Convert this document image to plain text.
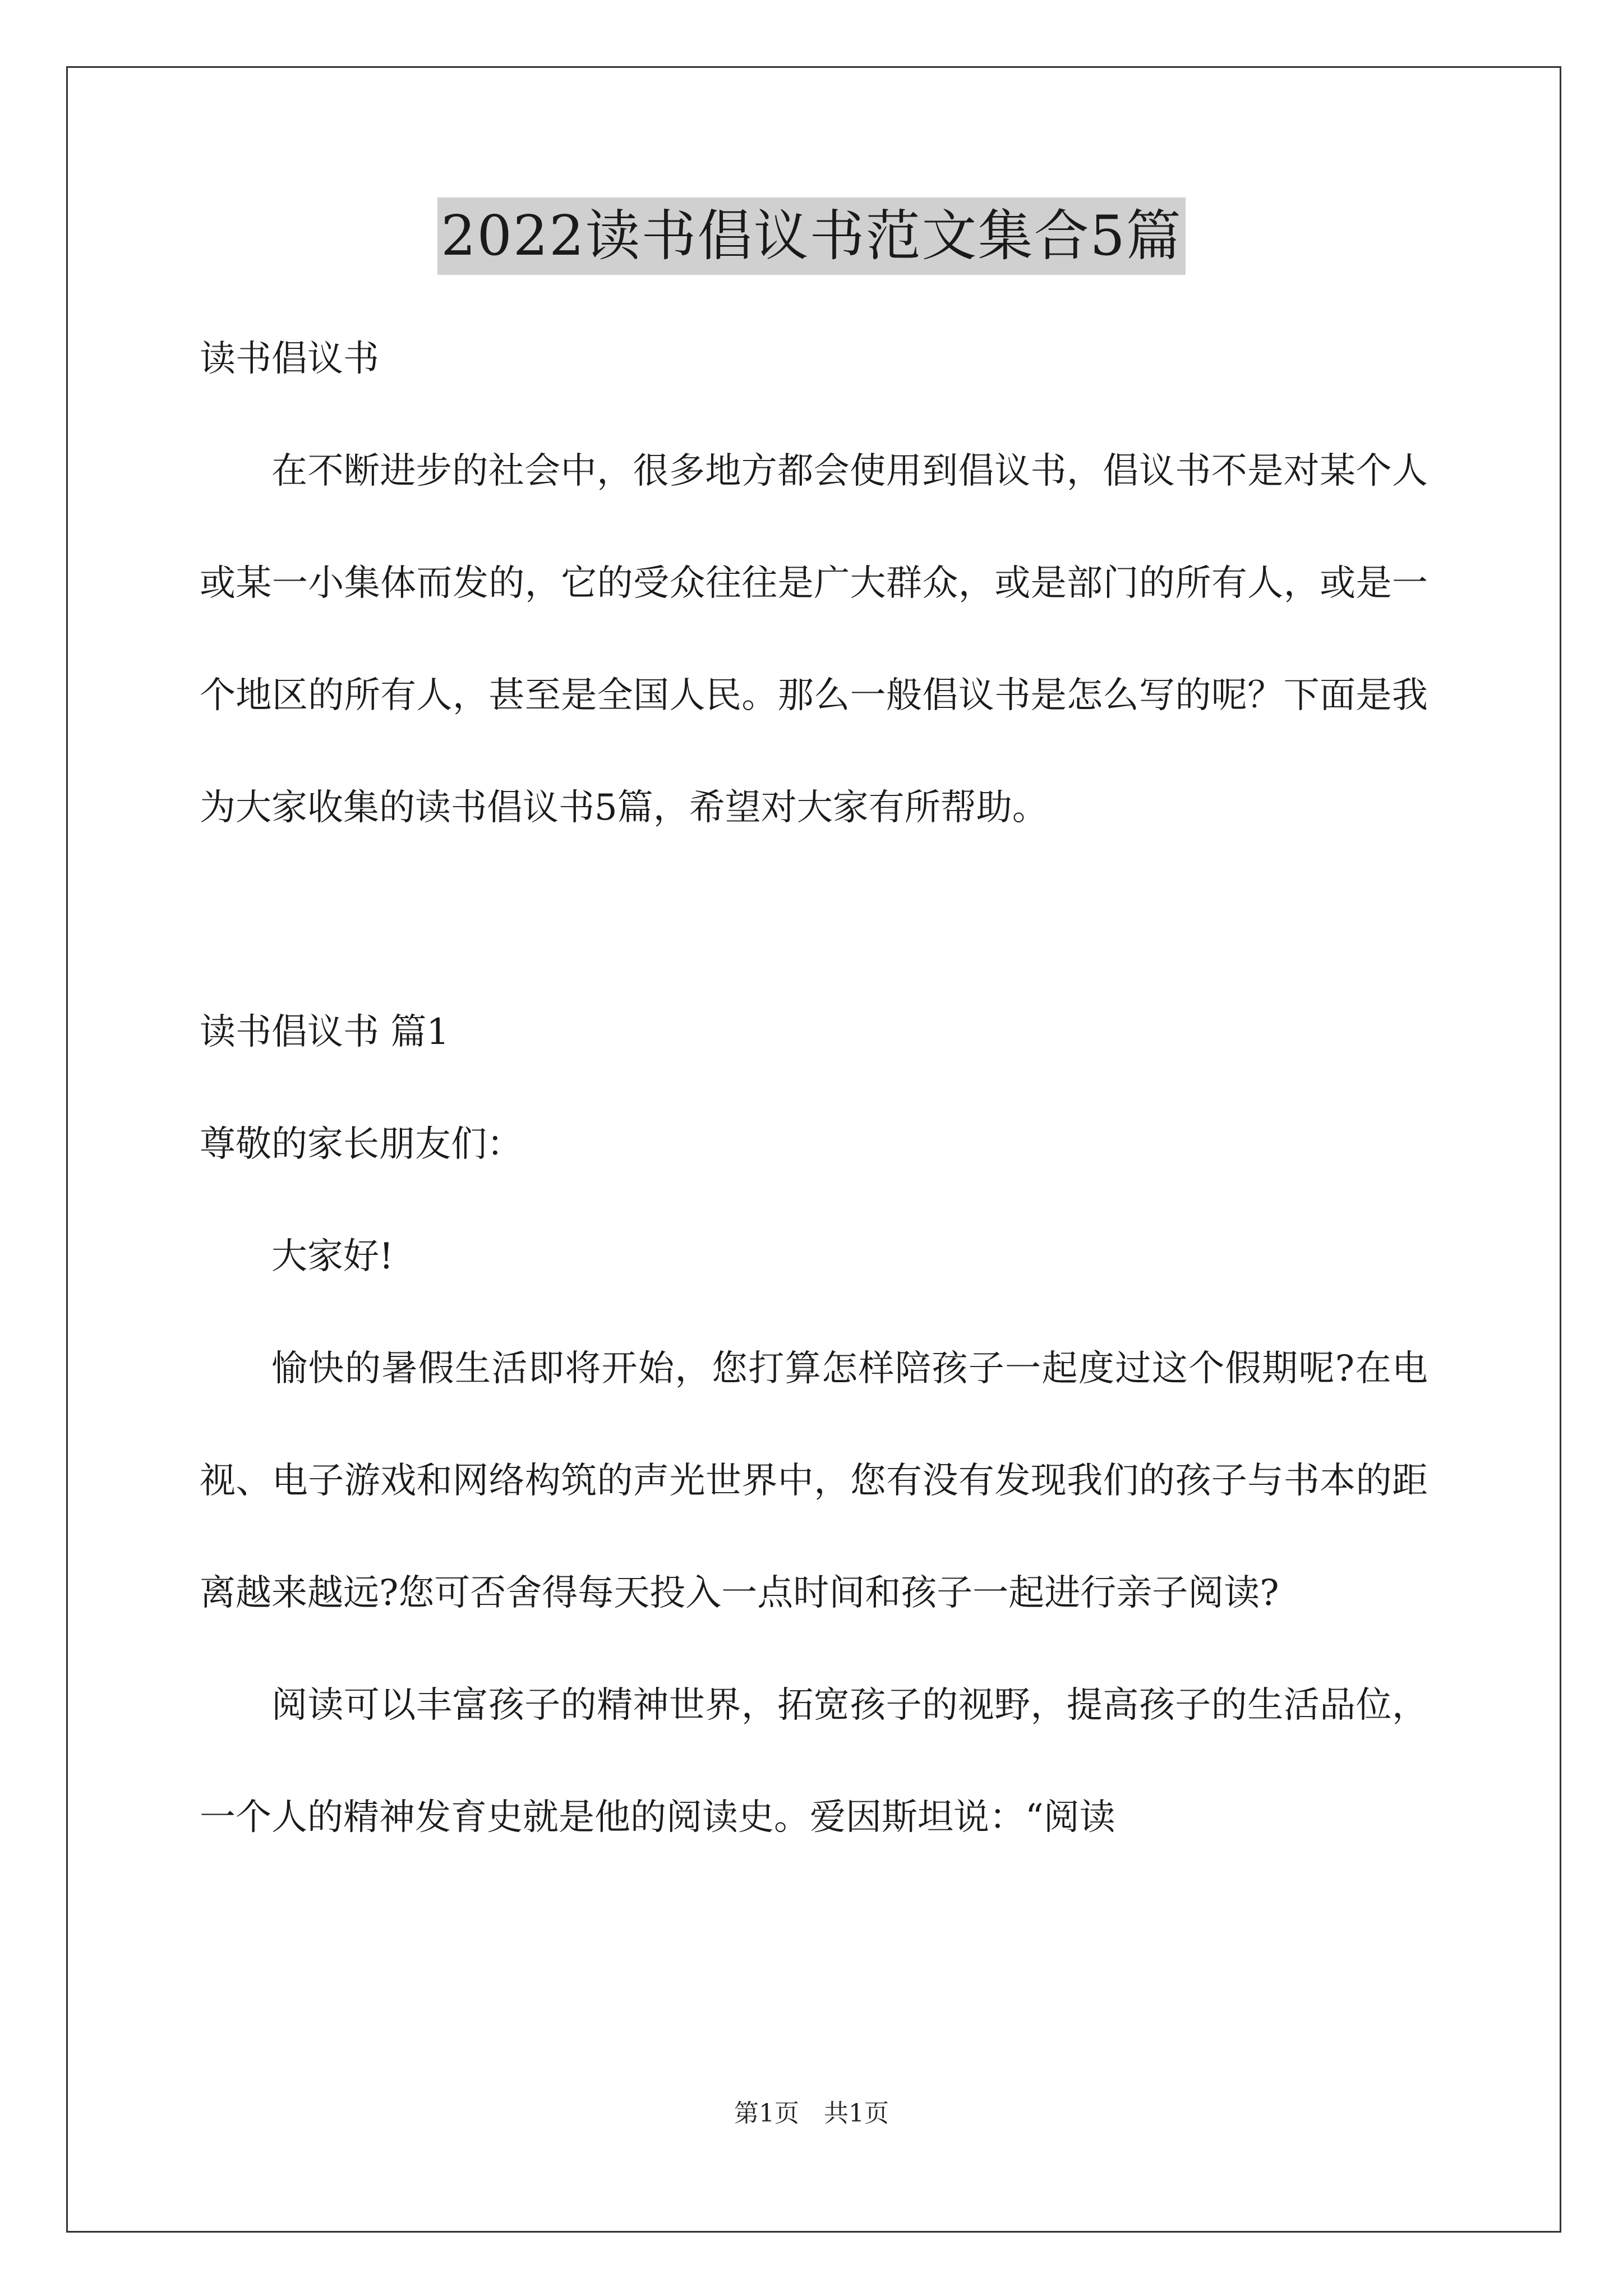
2022读书倡议书范文集合5篇

读书倡议书

在不断进步的社会中，很多地方都会使用到倡议书，倡议书不是对某个人或某一小集体而发的，它的受众往往是广大群众，或是部门的所有人，或是一个地区的所有人，甚至是全国人民。那么一般倡议书是怎么写的呢？下面是我为大家收集的读书倡议书5篇，希望对大家有所帮助。

读书倡议书 篇1

尊敬的家长朋友们：

大家好!

愉快的暑假生活即将开始，您打算怎样陪孩子一起度过这个假期呢?在电视、电子游戏和网络构筑的声光世界中，您有没有发现我们的孩子与书本的距离越来越远?您可否舍得每天投入一点时间和孩子一起进行亲子阅读?

阅读可以丰富孩子的精神世界，拓宽孩子的视野，提高孩子的生活品位，一个人的精神发育史就是他的阅读史。爱因斯坦说：“阅读

第1页　共1页
